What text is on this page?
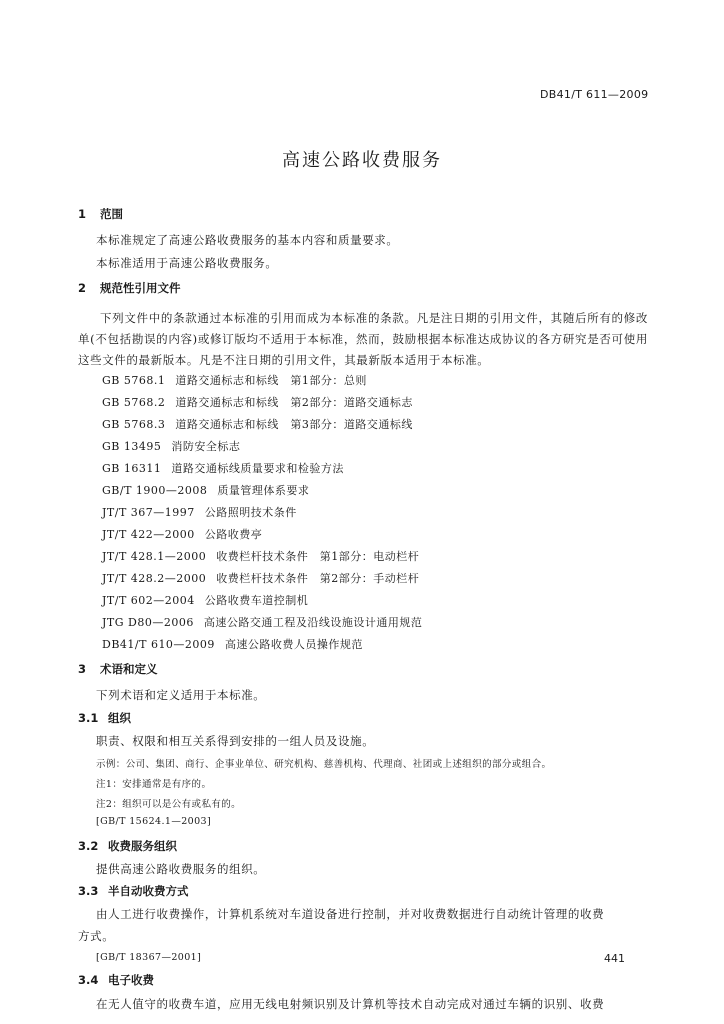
DB41/T 611—2009
高速公路收费服务
1 范围
本标准规定了高速公路收费服务的基本内容和质量要求。
本标准适用于高速公路收费服务。
2 规范性引用文件
下列文件中的条款通过本标准的引用而成为本标准的条款。凡是注日期的引用文件，其随后所有的修改单(不包括勘误的内容)或修订版均不适用于本标准，然而，鼓励根据本标准达成协议的各方研究是否可使用这些文件的最新版本。凡是不注日期的引用文件，其最新版本适用于本标准。
GB 5768.1 道路交通标志和标线　第1部分：总则
GB 5768.2 道路交通标志和标线　第2部分：道路交通标志
GB 5768.3 道路交通标志和标线　第3部分：道路交通标线
GB 13495 消防安全标志
GB 16311 道路交通标线质量要求和检验方法
GB/T 1900—2008 质量管理体系要求
JT/T 367—1997 公路照明技术条件
JT/T 422—2000 公路收费亭
JT/T 428.1—2000 收费栏杆技术条件　第1部分：电动栏杆
JT/T 428.2—2000 收费栏杆技术条件　第2部分：手动栏杆
JT/T 602—2004 公路收费车道控制机
JTG D80—2006 高速公路交通工程及沿线设施设计通用规范
DB41/T 610—2009 高速公路收费人员操作规范
3 术语和定义
下列术语和定义适用于本标准。
3.1 组织
职责、权限和相互关系得到安排的一组人员及设施。
示例：公司、集团、商行、企事业单位、研究机构、慈善机构、代理商、社团或上述组织的部分或组合。
注1：安排通常是有序的。
注2：组织可以是公有或私有的。
[GB/T 15624.1—2003]
3.2 收费服务组织
提供高速公路收费服务的组织。
3.3 半自动收费方式
由人工进行收费操作，计算机系统对车道设备进行控制，并对收费数据进行自动统计管理的收费
方式。
[GB/T 18367—2001]
3.4 电子收费
在无人值守的收费车道，应用无线电射频识别及计算机等技术自动完成对通过车辆的识别、收费
441
